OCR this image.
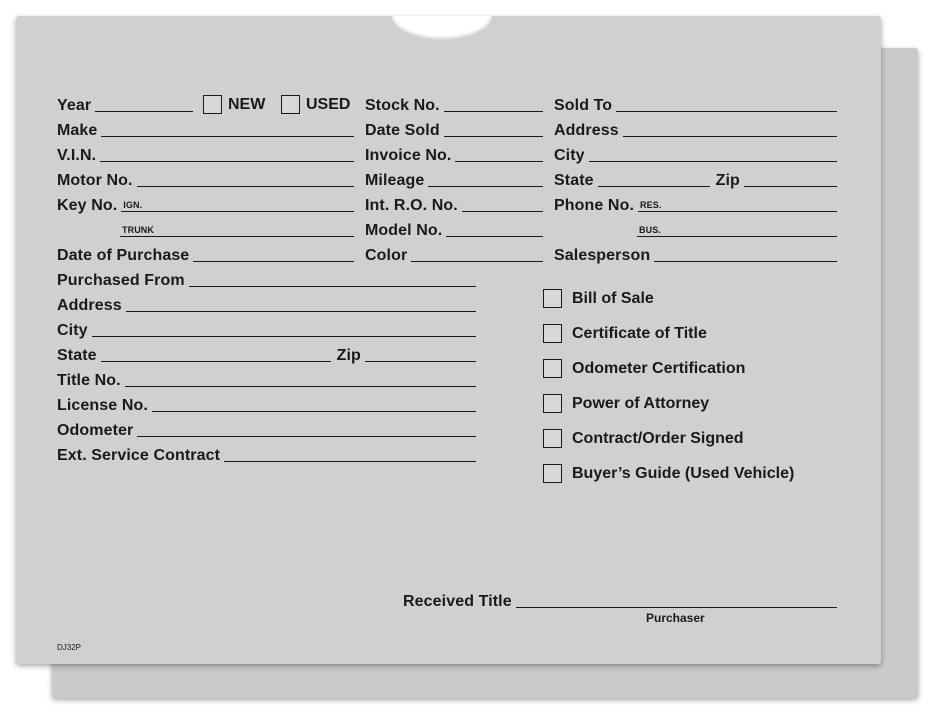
Year	NEW	USED
Make
V.I.N.
Motor No.
Key No. IGN.
TRUNK
Date of Purchase
Stock No.
Date Sold
Invoice No.
Mileage
Int. R.O. No.
Model No.
Color
Sold To
Address
City
State	Zip
Phone No. RES.
BUS.
Salesperson
Purchased From
Address
City
State	Zip
Title No.
License No.
Odometer
Ext. Service Contract
Bill of Sale
Certificate of Title
Odometer Certification
Power of Attorney
Contract/Order Signed
Buyer’s Guide (Used Vehicle)
Received Title
Purchaser
DJ32P
